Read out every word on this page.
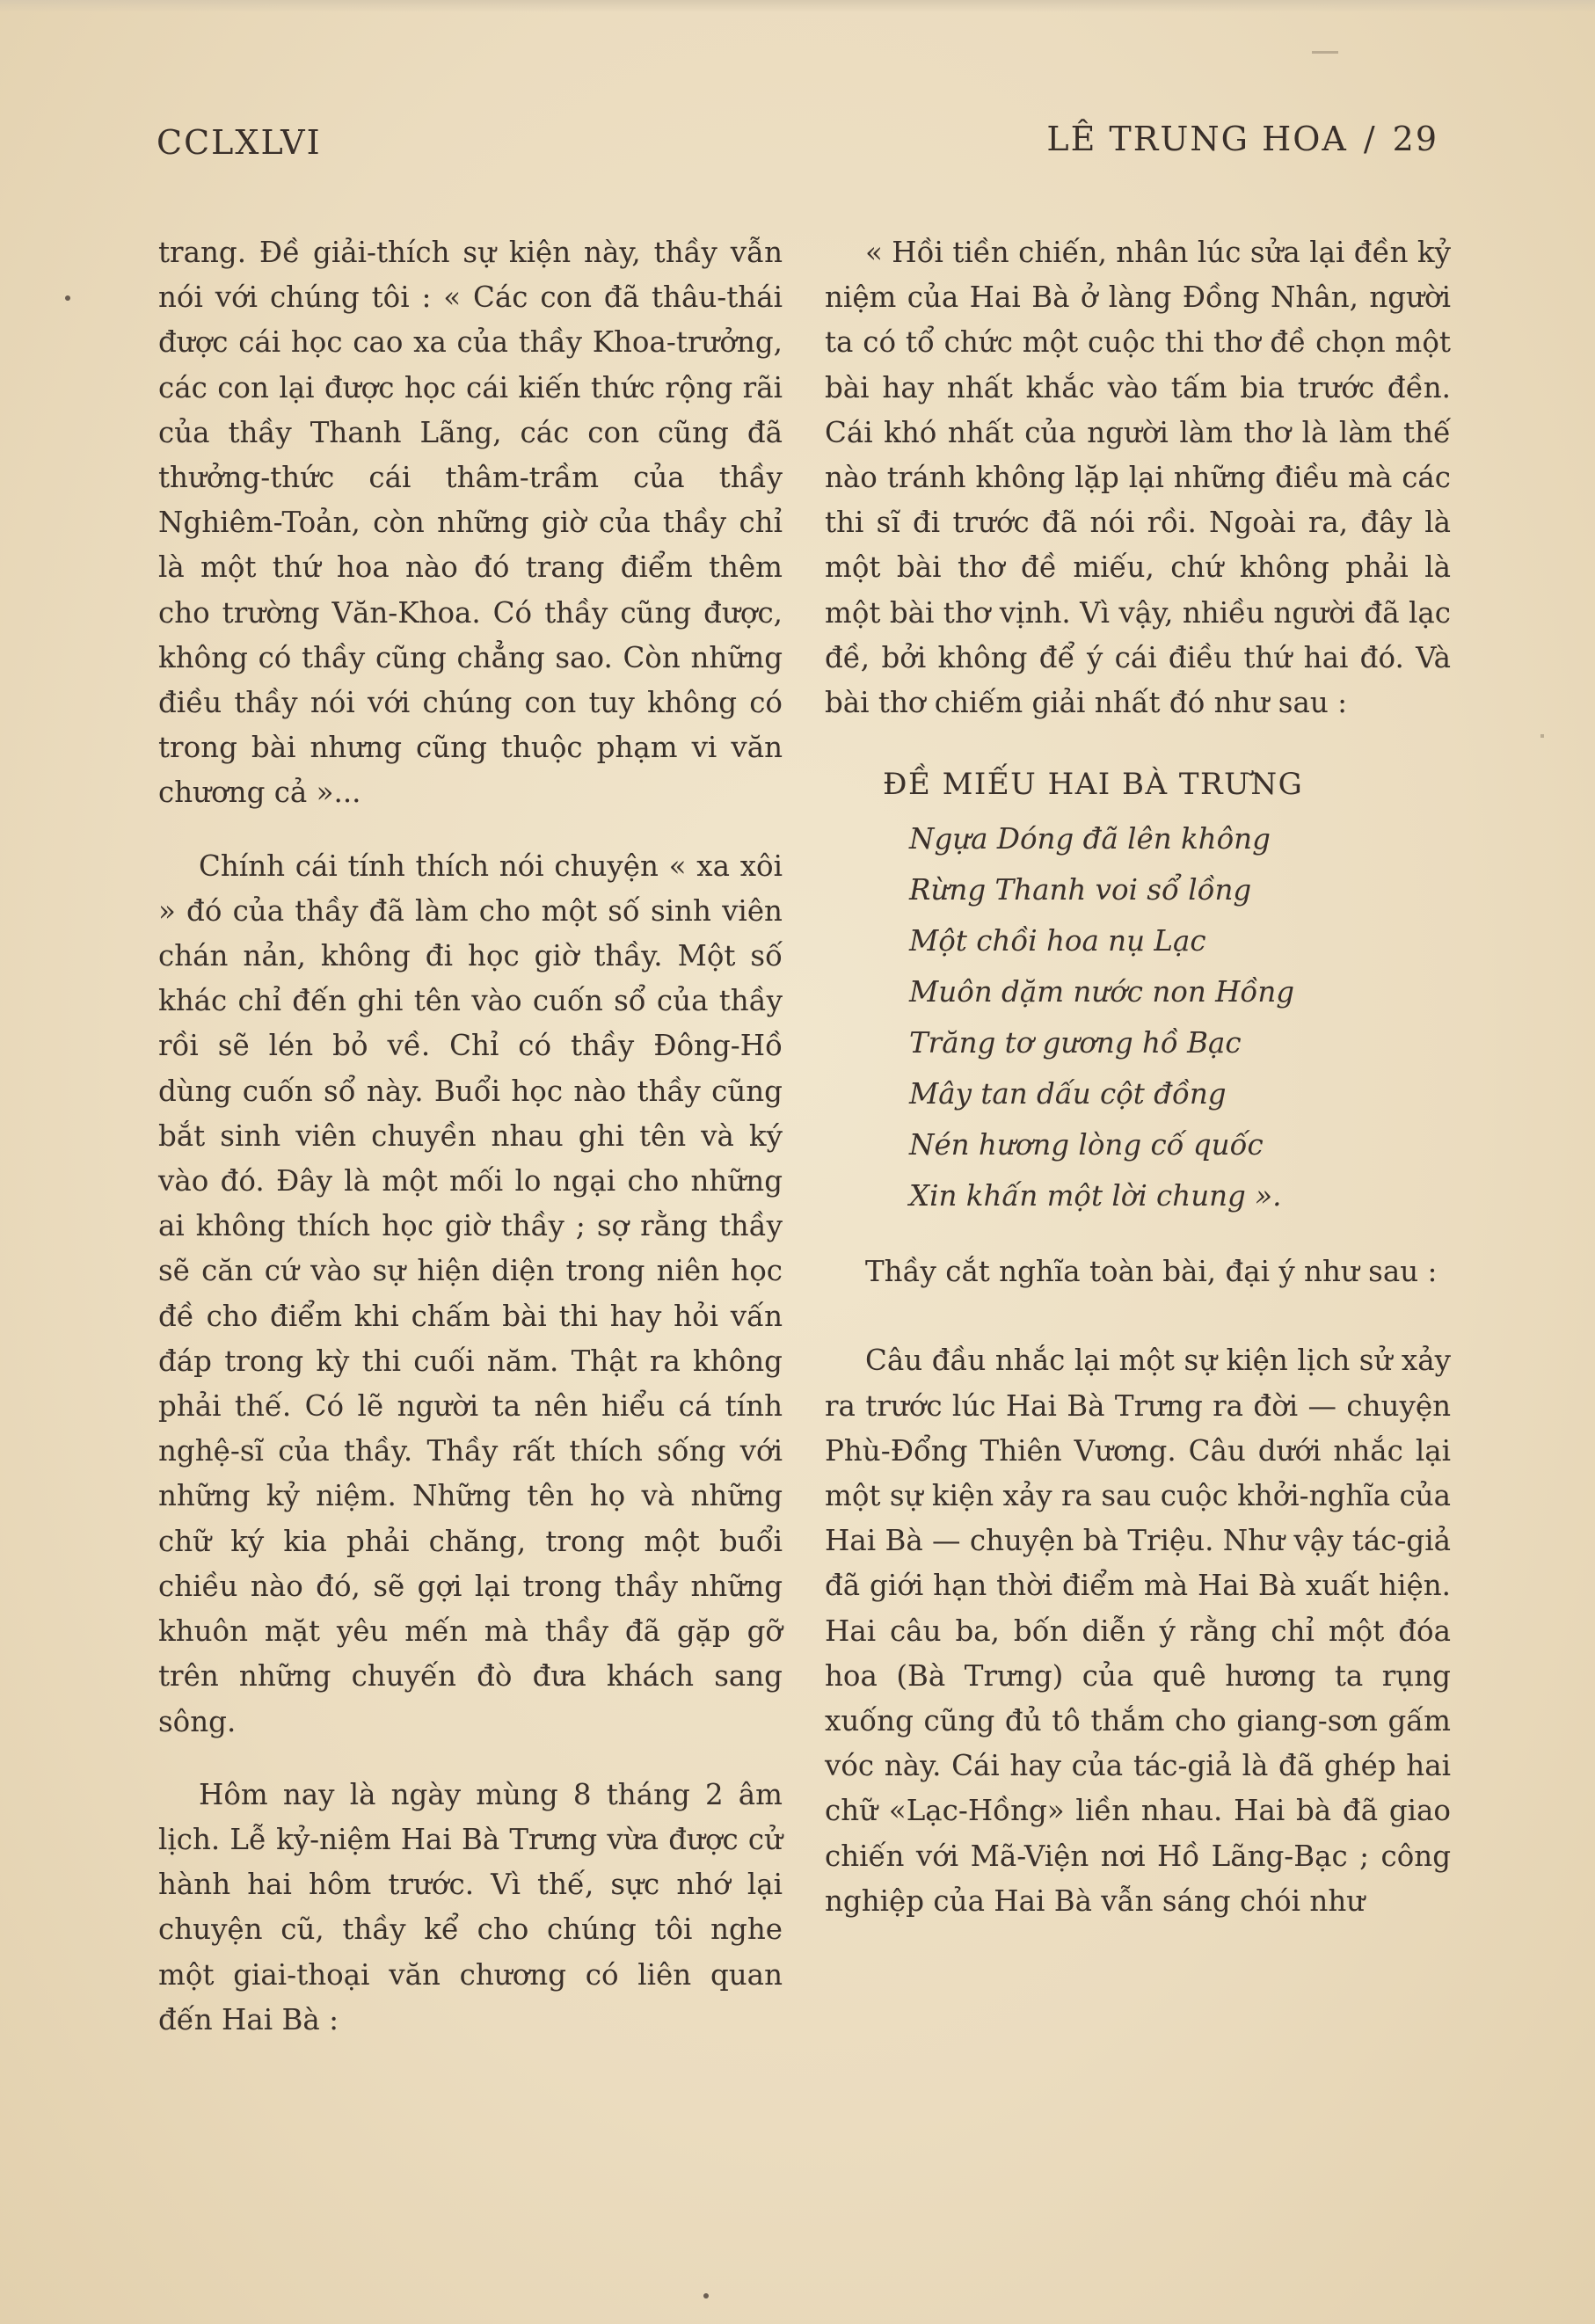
CCLXLVI	LÊ TRUNG HOA / 29

trang. Đề giải-thích sự kiện này, thầy vẫn nói với chúng tôi : « Các con đã thâu-thái được cái học cao xa của thầy Khoa-trưởng, các con lại được học cái kiến thức rộng rãi của thầy Thanh Lãng, các con cũng đã thưởng-thức cái thâm-trầm của thầy Nghiêm-Toản, còn những giờ của thầy chỉ là một thứ hoa nào đó trang điểm thêm cho trường Văn-Khoa. Có thầy cũng được, không có thầy cũng chẳng sao. Còn những điều thầy nói với chúng con tuy không có trong bài nhưng cũng thuộc phạm vi văn chương cả »...

Chính cái tính thích nói chuyện « xa xôi » đó của thầy đã làm cho một số sinh viên chán nản, không đi học giờ thầy. Một số khác chỉ đến ghi tên vào cuốn sổ của thầy rồi sẽ lén bỏ về. Chỉ có thầy Đông-Hồ dùng cuốn sổ này. Buổi học nào thầy cũng bắt sinh viên chuyền nhau ghi tên và ký vào đó. Đây là một mối lo ngại cho những ai không thích học giờ thầy ; sợ rằng thầy sẽ căn cứ vào sự hiện diện trong niên học đề cho điểm khi chấm bài thi hay hỏi vấn đáp trong kỳ thi cuối năm. Thật ra không phải thế. Có lẽ người ta nên hiểu cá tính nghệ-sĩ của thầy. Thầy rất thích sống với những kỷ niệm. Những tên họ và những chữ ký kia phải chăng, trong một buổi chiều nào đó, sẽ gợi lại trong thầy những khuôn mặt yêu mến mà thầy đã gặp gỡ trên những chuyến đò đưa khách sang sông.

Hôm nay là ngày mùng 8 tháng 2 âm lịch. Lễ kỷ-niệm Hai Bà Trưng vừa được cử hành hai hôm trước. Vì thế, sực nhớ lại chuyện cũ, thầy kể cho chúng tôi nghe một giai-thoại văn chương có liên quan đến Hai Bà :

« Hồi tiền chiến, nhân lúc sửa lại đền kỷ niệm của Hai Bà ở làng Đồng Nhân, người ta có tổ chức một cuộc thi thơ đề chọn một bài hay nhất khắc vào tấm bia trước đền. Cái khó nhất của người làm thơ là làm thế nào tránh không lặp lại những điều mà các thi sĩ đi trước đã nói rồi. Ngoài ra, đây là một bài thơ đề miếu, chứ không phải là một bài thơ vịnh. Vì vậy, nhiều người đã lạc đề, bởi không để ý cái điều thứ hai đó. Và bài thơ chiếm giải nhất đó như sau :

ĐỀ MIẾU HAI BÀ TRƯNG
Ngựa Dóng đã lên không
Rừng Thanh voi sổ lồng
Một chồi hoa nụ Lạc
Muôn dặm nước non Hồng
Trăng tơ gương hồ Bạc
Mây tan dấu cột đồng
Nén hương lòng cố quốc
Xin khấn một lời chung ».

Thầy cắt nghĩa toàn bài, đại ý như sau :

Câu đầu nhắc lại một sự kiện lịch sử xảy ra trước lúc Hai Bà Trưng ra đời — chuyện Phù-Đổng Thiên Vương. Câu dưới nhắc lại một sự kiện xảy ra sau cuộc khởi-nghĩa của Hai Bà — chuyện bà Triệu. Như vậy tác-giả đã giới hạn thời điểm mà Hai Bà xuất hiện. Hai câu ba, bốn diễn ý rằng chỉ một đóa hoa (Bà Trưng) của quê hương ta rụng xuống cũng đủ tô thắm cho giang-sơn gấm vóc này. Cái hay của tác-giả là đã ghép hai chữ «Lạc-Hồng» liền nhau. Hai bà đã giao chiến với Mã-Viện nơi Hồ Lãng-Bạc ; công nghiệp của Hai Bà vẫn sáng chói như
